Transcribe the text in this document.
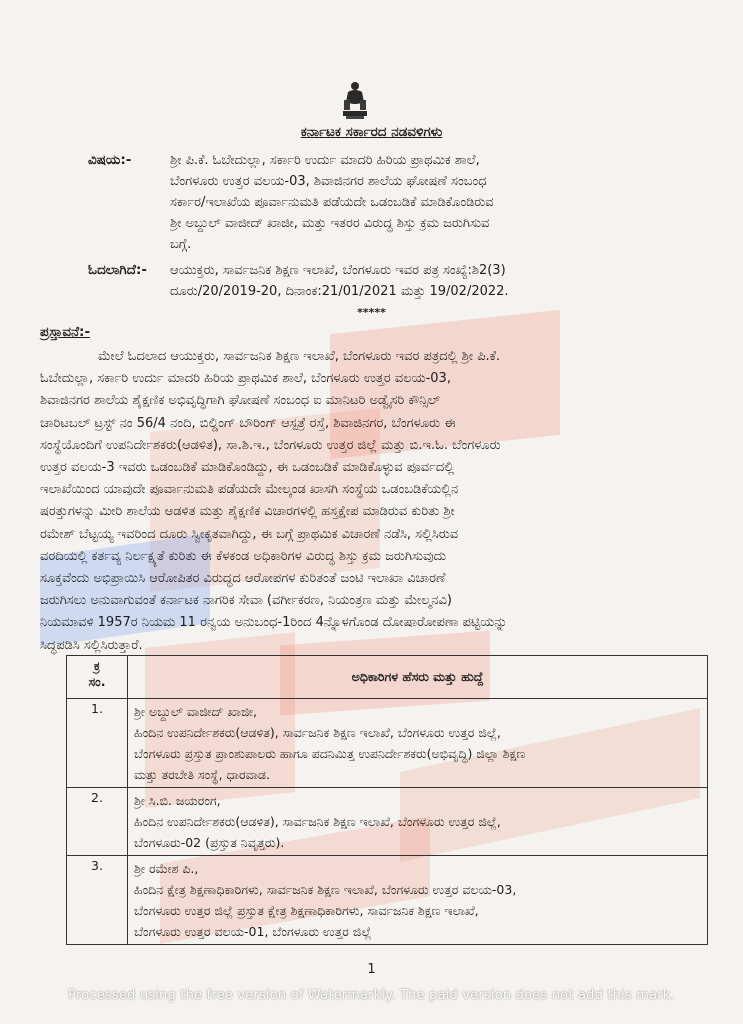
ಕರ್ನಾಟಕ ಸರ್ಕಾರದ ನಡವಳಿಗಳು
ವಿಷಯ:-	ಶ್ರೀ ಪಿ.ಕೆ. ಓಬೇದುಲ್ಲಾ, ಸರ್ಕಾರಿ ಉರ್ದು ಮಾದರಿ ಹಿರಿಯ ಪ್ರಾಥಮಿಕ ಶಾಲೆ,
ಬೆಂಗಳೂರು ಉತ್ತರ ವಲಯ-03, ಶಿವಾಜಿನಗರ ಶಾಲೆಯ ಘೋಷಣೆ ಸಂಬಂಧ
ಸರ್ಕಾರ/ಇಲಾಖೆಯ ಪೂರ್ವಾನುಮತಿ ಪಡೆಯದೇ ಒಡಂಬಡಿಕೆ ಮಾಡಿಕೊಂಡಿರುವ
ಶ್ರೀ ಅಬ್ದುಲ್ ವಾಜೀದ್ ಖಾಜೀ, ಮತ್ತು ಇತರರ ವಿರುದ್ಧ ಶಿಸ್ತು ಕ್ರಮ ಜರುಗಿಸುವ
ಬಗ್ಗೆ.
ಓದಲಾಗಿದೆ:- ಆಯುಕ್ತರು, ಸಾರ್ವಜನಿಕ ಶಿಕ್ಷಣ ಇಲಾಖೆ, ಬೆಂಗಳೂರು ಇವರ ಪತ್ರ ಸಂಖ್ಯೆ:ಶಿ2(3)
ದೂರು/20/2019-20, ದಿನಾಂಕ:21/01/2021 ಮತ್ತು 19/02/2022.
*****
ಪ್ರಸ್ತಾವನೆ:-
ಮೇಲೆ ಓದಲಾದ ಆಯುಕ್ತರು, ಸಾರ್ವಜನಿಕ ಶಿಕ್ಷಣ ಇಲಾಖೆ, ಬೆಂಗಳೂರು ಇವರ ಪತ್ರದಲ್ಲಿ ಶ್ರೀ ಪಿ.ಕೆ.
ಓಬೇದುಲ್ಲಾ, ಸರ್ಕಾರಿ ಉರ್ದು ಮಾದರಿ ಹಿರಿಯ ಪ್ರಾಥಮಿಕ ಶಾಲೆ, ಬೆಂಗಳೂರು ಉತ್ತರ ವಲಯ-03,
ಶಿವಾಜಿನಗರ ಶಾಲೆಯ ಶೈಕ್ಷಣಿಕ ಅಭಿವೃದ್ಧಿಗಾಗಿ ಘೋಷಣೆ ಸಂಬಂಧ ಐ ಮಾನಿಟರಿ ಅಡ್ವೈಸರಿ ಕೌನ್ಸಿಲ್
ಚಾರಿಟಬಲ್ ಟ್ರಸ್ಟ್ ನಂ 56/4 ನಂದಿ, ಬಿಲ್ಡಿಂಗ್ ಬೌರಿಂಗ್ ಆಸ್ಪತ್ರೆ ರಸ್ತೆ, ಶಿವಾಜಿನಗರ, ಬೆಂಗಳೂರು ಈ
ಸಂಸ್ಥೆಯೊಂದಿಗೆ ಉಪನಿರ್ದೇಶಕರು(ಆಡಳಿತ), ಸಾ.ಶಿ.ಇ., ಬೆಂಗಳೂರು ಉತ್ತರ ಜಿಲ್ಲೆ ಮತ್ತು ಬಿ.ಇ.ಓ. ಬೆಂಗಳೂರು
ಉತ್ತರ ವಲಯ-3 ಇವರು ಒಡಂಬಡಿಕೆ ಮಾಡಿಕೊಂಡಿದ್ದು, ಈ ಒಡಂಬಡಿಕೆ ಮಾಡಿಕೊಳ್ಳುವ ಪೂರ್ವದಲ್ಲಿ
ಇಲಾಖೆಯಿಂದ ಯಾವುದೇ ಪೂರ್ವಾನುಮತಿ ಪಡೆಯದೇ ಮೇಲ್ಕಂಡ ಖಾಸಗಿ ಸಂಸ್ಥೆಯ ಒಡಂಬಡಿಕೆಯಲ್ಲಿನ
ಷರತ್ತುಗಳನ್ನು ಮೀರಿ ಶಾಲೆಯ ಆಡಳಿತ ಮತ್ತು ಶೈಕ್ಷಣಿಕ ವಿಚಾರಗಳಲ್ಲಿ ಹಸ್ತಕ್ಷೇಪ ಮಾಡಿರುವ ಕುರಿತು ಶ್ರೀ
ರಮೇಶ್ ಬೆಟ್ಟಯ್ಯ ಇವರಿಂದ ದೂರು ಸ್ವೀಕೃತವಾಗಿದ್ದು, ಈ ಬಗ್ಗೆ ಪ್ರಾಥಮಿಕ ವಿಚಾರಣೆ ನಡೆಸಿ, ಸಲ್ಲಿಸಿರುವ
ವರದಿಯಲ್ಲಿ ಕರ್ತವ್ಯ ನಿರ್ಲಕ್ಷ್ಯತೆ ಕುರಿತು ಈ ಕೆಳಕಂಡ ಅಧಿಕಾರಿಗಳ ವಿರುದ್ಧ ಶಿಸ್ತು ಕ್ರಮ ಜರುಗಿಸುವುದು
ಸೂಕ್ತವೆಂದು ಅಭಿಪ್ರಾಯಿಸಿ ಆರೋಪಿತರ ವಿರುದ್ಧದ ಆರೋಪಗಳ ಕುರಿತಂತೆ ಜಂಟಿ ಇಲಾಖಾ ವಿಚಾರಣೆ
ಜರುಗಿಸಲು ಅನುವಾಗುವಂತೆ ಕರ್ನಾಟಕ ನಾಗರಿಕ ಸೇವಾ (ವರ್ಗೀಕರಣ, ನಿಯಂತ್ರಣ ಮತ್ತು ಮೇಲ್ಮನವಿ)
ನಿಯಮಾವಳಿ 1957ರ ನಿಯಮ 11 ರನ್ವಯ ಅನುಬಂಧ-1ರಿಂದ 4ನ್ನೊಳಗೊಂಡ ದೋಷಾರೋಪಣಾ ಪಟ್ಟಿಯನ್ನು
ಸಿದ್ಧಪಡಿಸಿ ಸಲ್ಲಿಸಿರುತ್ತಾರೆ.
ಕ್ರ
ಸಂ.	ಅಧಿಕಾರಿಗಳ ಹೆಸರು ಮತ್ತು ಹುದ್ದೆ
1.	ಶ್ರೀ ಅಬ್ದುಲ್ ವಾಜೀದ್ ಖಾಜೀ,
ಹಿಂದಿನ ಉಪನಿರ್ದೇಶಕರು(ಆಡಳಿತ), ಸಾರ್ವಜನಿಕ ಶಿಕ್ಷಣ ಇಲಾಖೆ, ಬೆಂಗಳೂರು ಉತ್ತರ ಜಿಲ್ಲೆ,
ಬೆಂಗಳೂರು ಪ್ರಸ್ತುತ ಪ್ರಾಂಶುಪಾಲರು ಹಾಗೂ ಪದನಿಮಿತ್ತ ಉಪನಿರ್ದೇಶಕರು(ಅಭಿವೃದ್ಧಿ) ಜಿಲ್ಲಾ ಶಿಕ್ಷಣ
ಮತ್ತು ತರಬೇತಿ ಸಂಸ್ಥೆ, ಧಾರವಾಡ.

2.	ಶ್ರೀ ಸಿ.ಬಿ. ಜಯರಂಗ,
ಹಿಂದಿನ ಉಪನಿರ್ದೇಶಕರು(ಆಡಳಿತ), ಸಾರ್ವಜನಿಕ ಶಿಕ್ಷಣ ಇಲಾಖೆ, ಬೆಂಗಳೂರು ಉತ್ತರ ಜಿಲ್ಲೆ,
ಬೆಂಗಳೂರು-02 (ಪ್ರಸ್ತುತ ನಿವೃತ್ತರು).

3.	ಶ್ರೀ ರಮೇಶ ಪಿ.,
ಹಿಂದಿನ ಕ್ಷೇತ್ರ ಶಿಕ್ಷಣಾಧಿಕಾರಿಗಳು, ಸಾರ್ವಜನಿಕ ಶಿಕ್ಷಣ ಇಲಾಖೆ, ಬೆಂಗಳೂರು ಉತ್ತರ ವಲಯ-03,
ಬೆಂಗಳೂರು ಉತ್ತರ ಜಿಲ್ಲೆ ಪ್ರಸ್ತುತ ಕ್ಷೇತ್ರ ಶಿಕ್ಷಣಾಧಿಕಾರಿಗಳು, ಸಾರ್ವಜನಿಕ ಶಿಕ್ಷಣ ಇಲಾಖೆ,
ಬೆಂಗಳೂರು ಉತ್ತರ ವಲಯ-01, ಬೆಂಗಳೂರು ಉತ್ತರ ಜಿಲ್ಲೆ
1
Processed using the free version of Watermarkly. The paid version does not add this mark.
